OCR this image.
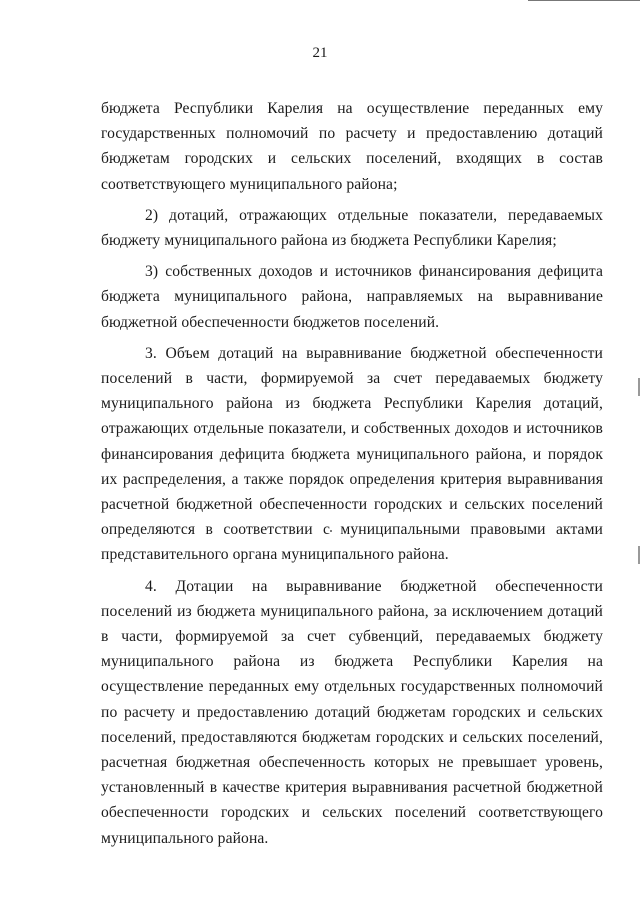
21

бюджета Республики Карелия на осуществление переданных ему государственных полномочий по расчету и предоставлению дотаций бюджетам городских и сельских поселений, входящих в состав соответствующего муниципального района;

2) дотаций, отражающих отдельные показатели, передаваемых бюджету муниципального района из бюджета Республики Карелия;

3) собственных доходов и источников финансирования дефицита бюджета муниципального района, направляемых на выравнивание бюджетной обеспеченности бюджетов поселений.

3. Объем дотаций на выравнивание бюджетной обеспеченности поселений в части, формируемой за счет передаваемых бюджету муниципального района из бюджета Республики Карелия дотаций, отражающих отдельные показатели, и собственных доходов и источников финансирования дефицита бюджета муниципального района, и порядок их распределения, а также порядок определения критерия выравнивания расчетной бюджетной обеспеченности городских и сельских поселений определяются в соответствии с муниципальными правовыми актами представительного органа муниципального района.

4. Дотации на выравнивание бюджетной обеспеченности поселений из бюджета муниципального района, за исключением дотаций в части, формируемой за счет субвенций, передаваемых бюджету муниципального района из бюджета Республики Карелия на осуществление переданных ему отдельных государственных полномочий по расчету и предоставлению дотаций бюджетам городских и сельских поселений, предоставляются бюджетам городских и сельских поселений, расчетная бюджетная обеспеченность которых не превышает уровень, установленный в качестве критерия выравнивания расчетной бюджетной обеспеченности городских и сельских поселений соответствующего муниципального района.
